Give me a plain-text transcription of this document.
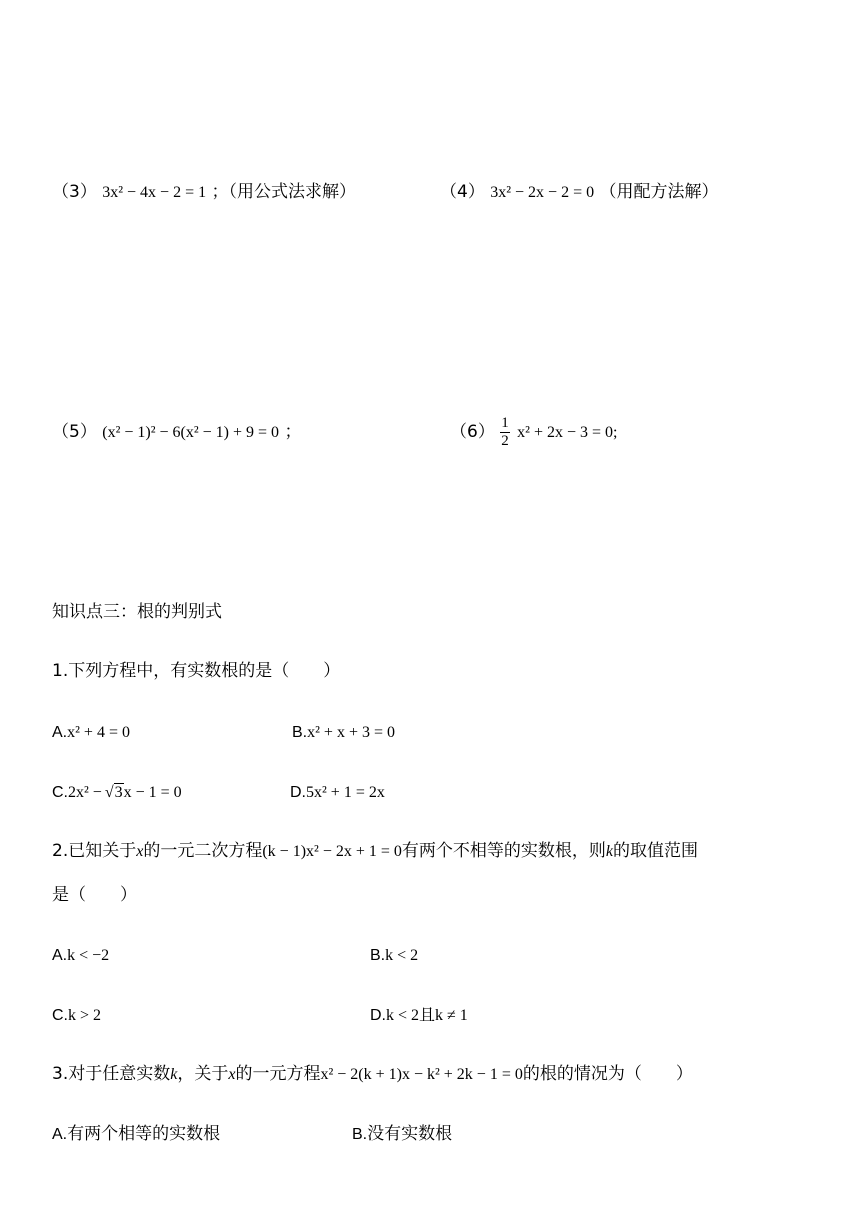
（3） 3x² − 4x − 2 = 1 ；（用公式法求解）	（4） 3x² − 2x − 2 = 0 （用配方法解）
（5） (x² − 1)² − 6(x² − 1) + 9 = 0 ；	$(6) \frac{1}{2} x^2 + 2x - 3 = 0$;
知识点三：根的判别式
1.下列方程中，有实数根的是（　　）
A.x² + 4 = 0	B.x² + x + 3 = 0
C.2x² − √3x − 1 = 0	D.5x² + 1 = 2x
2.已知关于x的一元二次方程(k − 1)x² − 2x + 1 = 0有两个不相等的实数根，则k的取值范围
是（　　）
A.k < −2	B.k < 2
C.k > 2	D.k < 2且k ≠ 1
3.对于任意实数k，关于x的一元方程x² − 2(k + 1)x − k² + 2k − 1 = 0的根的情况为（　　）
A.有两个相等的实数根	B.没有实数根
